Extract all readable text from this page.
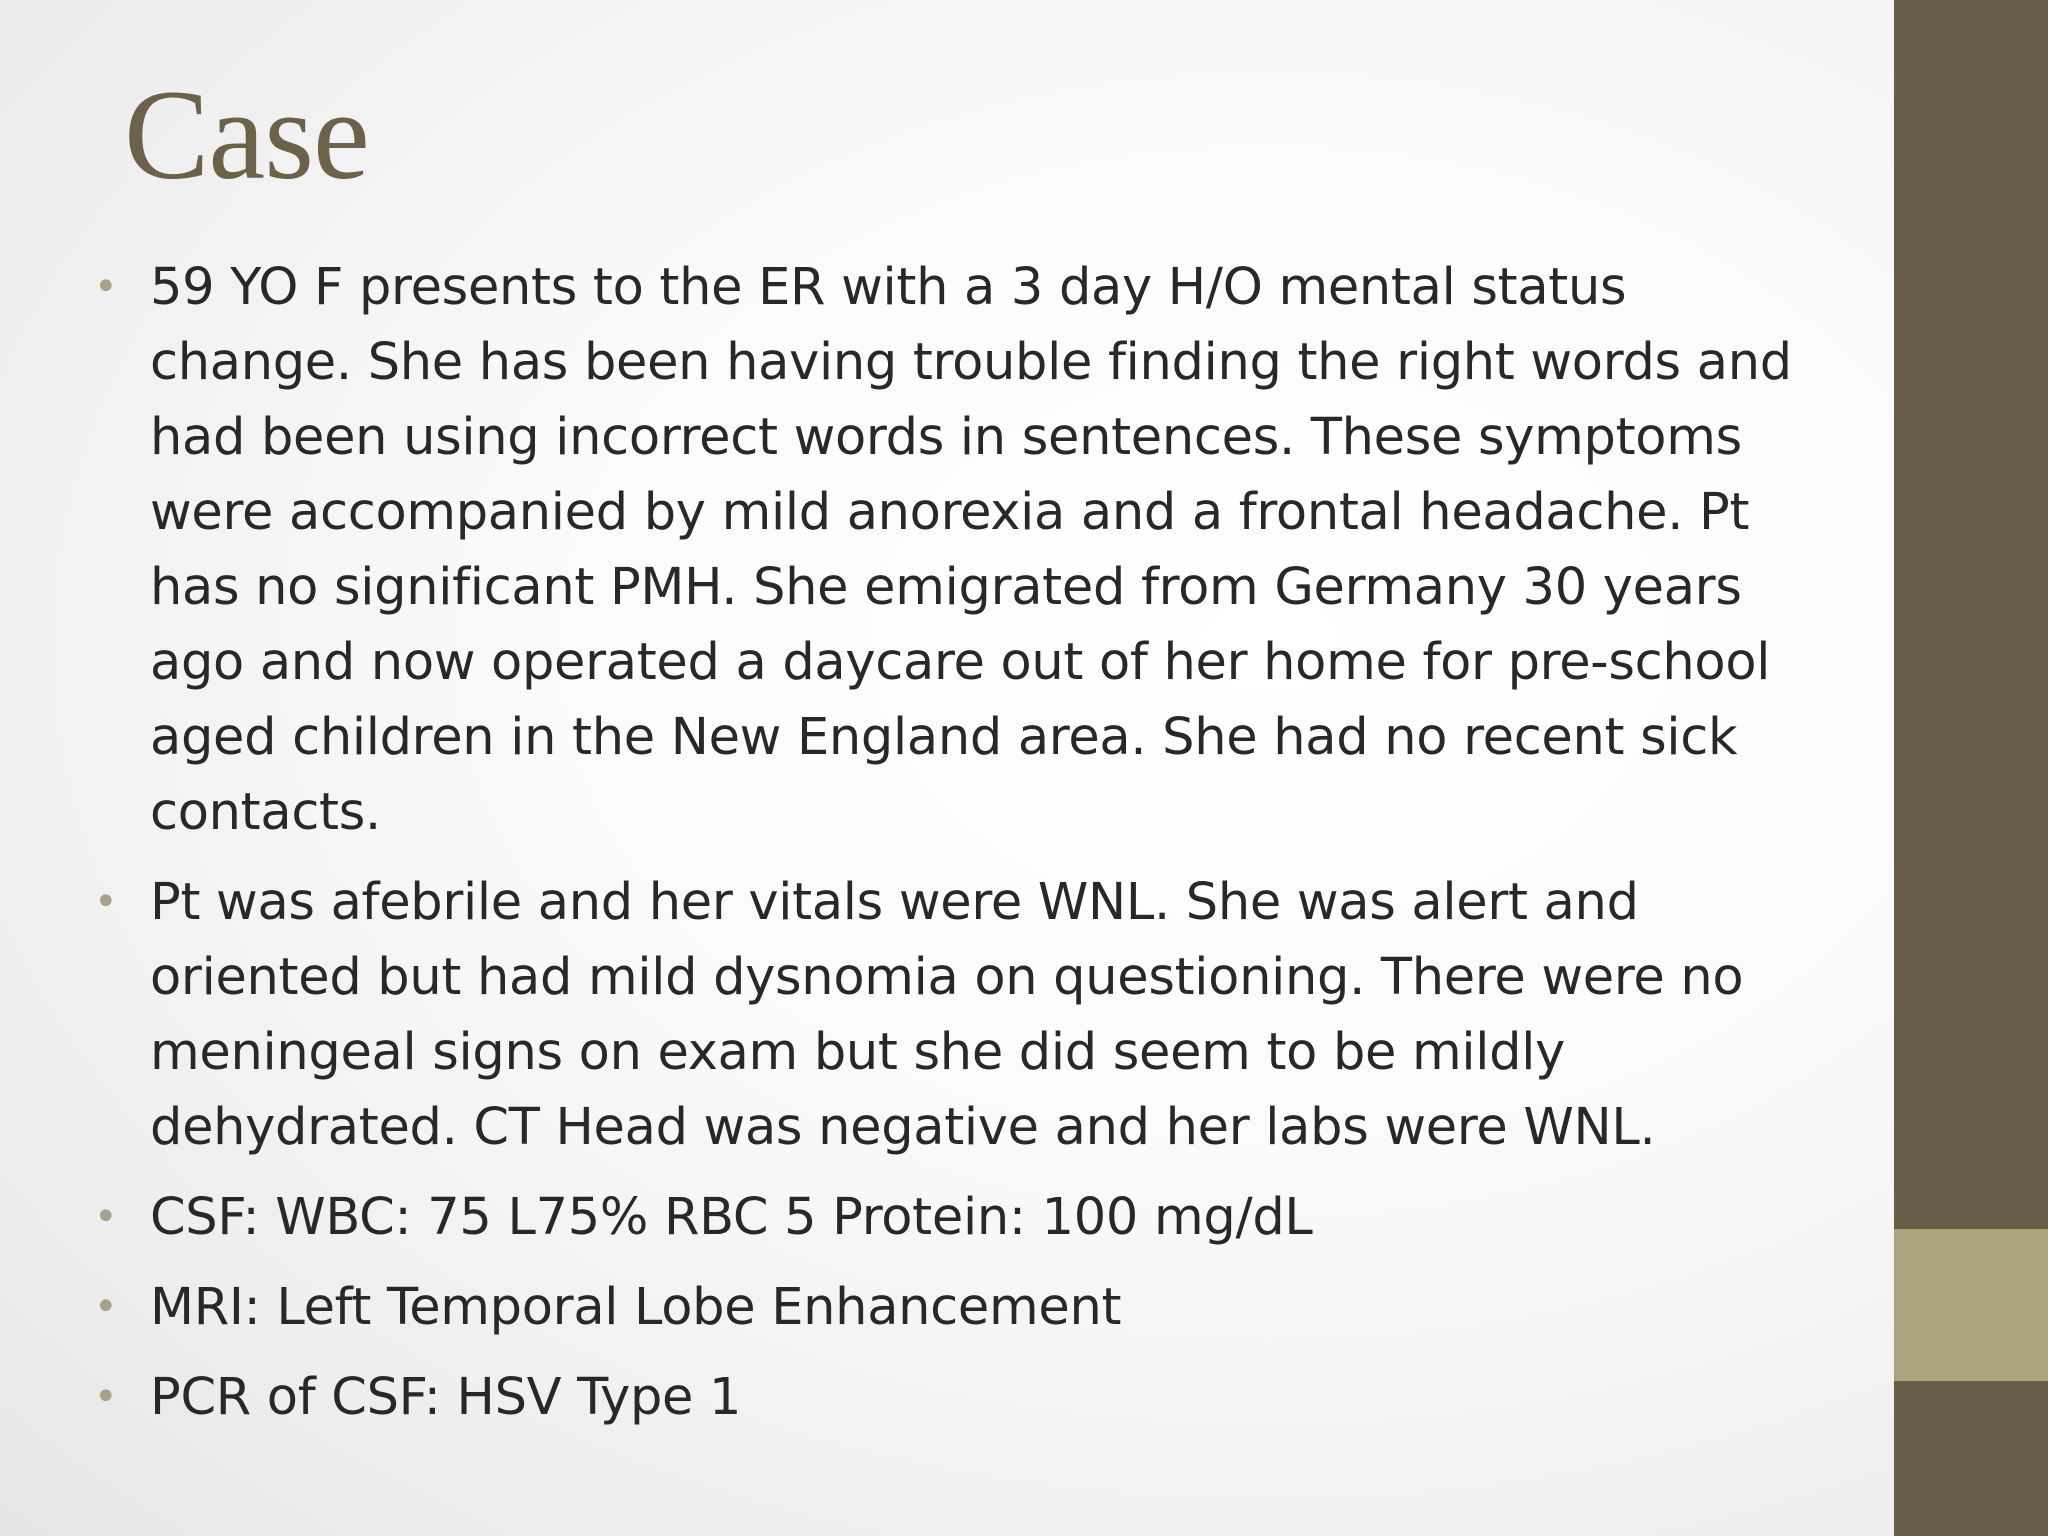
Case
• 59 YO F presents to the ER with a 3 day H/O mental status
change. She has been having trouble finding the right words and
had been using incorrect words in sentences. These symptoms
were accompanied by mild anorexia and a frontal headache. Pt
has no significant PMH. She emigrated from Germany 30 years
ago and now operated a daycare out of her home for pre-school
aged children in the New England area. She had no recent sick
contacts.
• Pt was afebrile and her vitals were WNL. She was alert and
oriented but had mild dysnomia on questioning. There were no
meningeal signs on exam but she did seem to be mildly
dehydrated. CT Head was negative and her labs were WNL.
• CSF: WBC: 75 L75% RBC 5 Protein: 100 mg/dL
• MRI: Left Temporal Lobe Enhancement
• PCR of CSF: HSV Type 1
